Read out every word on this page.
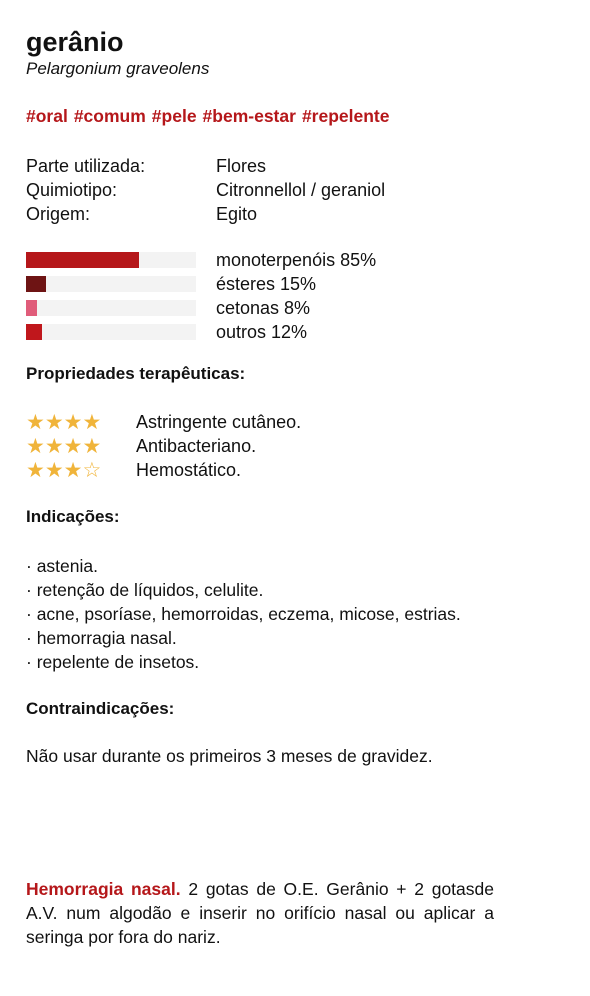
gerânio
Pelargonium graveolens
#oral #comum #pele #bem-estar #repelente
Parte utilizada:	Flores
Quimiotipo:	Citronnellol / geraniol
Origem:	Egito
monoterpenóis 85%
ésteres 15%
cetonas 8%
outros 12%
Propriedades terapêuticas:
★★★★	Astringente cutâneo.
★★★★	Antibacteriano.
★★★☆	Hemostático.
Indicações:
· astenia.
· retenção de líquidos, celulite.
· acne, psoríase, hemorroidas, eczema, micose, estrias.
· hemorragia nasal.
· repelente de insetos.
Contraindicações:
Não usar durante os primeiros 3 meses de gravidez.
Hemorragia nasal. 2 gotas de O.E. Gerânio + 2 gotasde A.V. num algodão e inserir no orifício nasal ou aplicar a seringa por fora do nariz.
